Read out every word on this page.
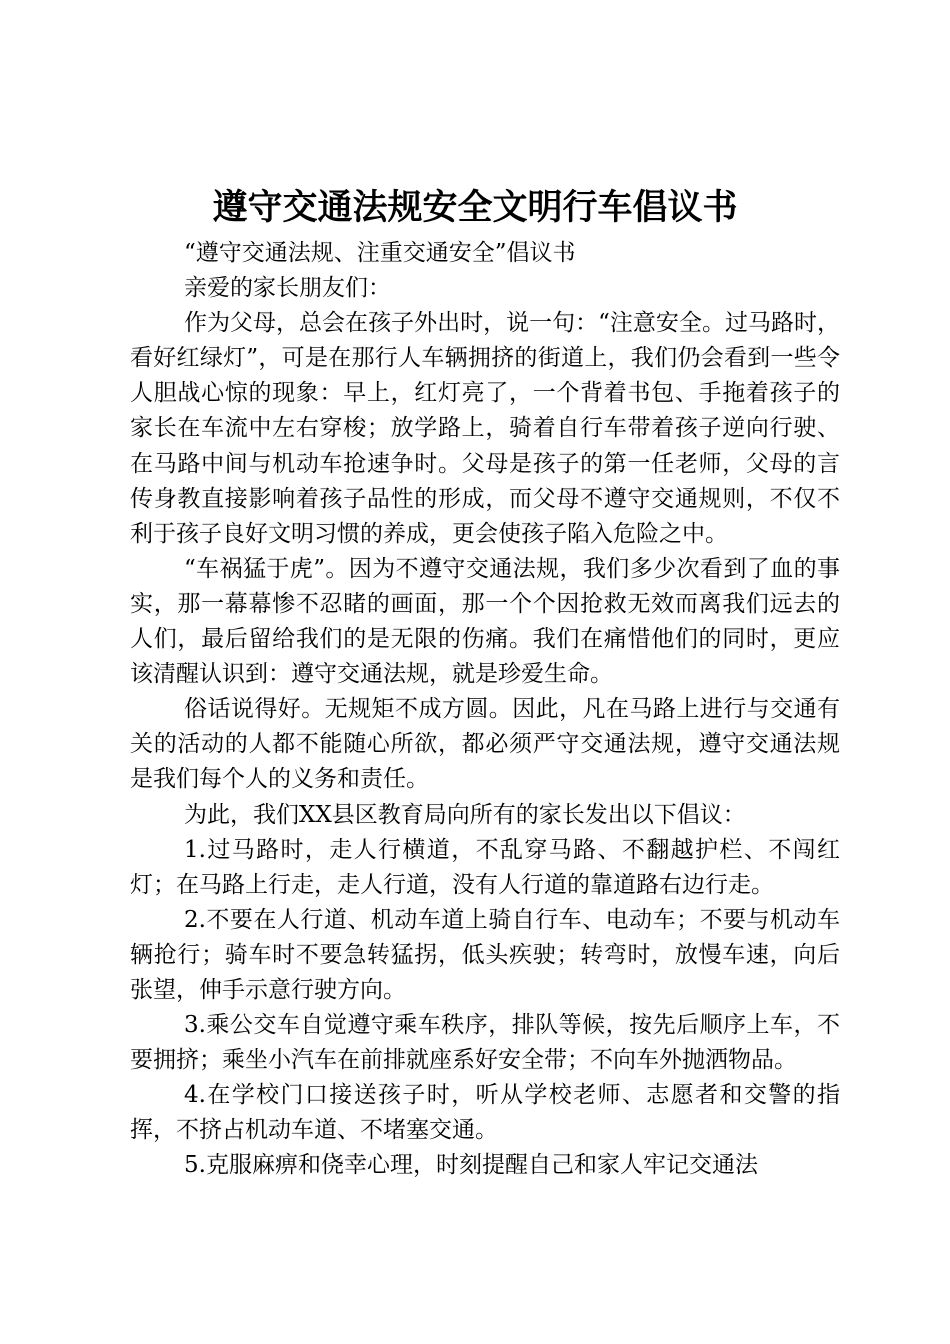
遵守交通法规安全文明行车倡议书

“遵守交通法规、注重交通安全”倡议书

亲爱的家长朋友们：

作为父母，总会在孩子外出时，说一句：“注意安全。过马路时，看好红绿灯”，可是在那行人车辆拥挤的街道上，我们仍会看到一些令人胆战心惊的现象：早上，红灯亮了，一个背着书包、手拖着孩子的家长在车流中左右穿梭；放学路上，骑着自行车带着孩子逆向行驶、在马路中间与机动车抢速争时。父母是孩子的第一任老师，父母的言传身教直接影响着孩子品性的形成，而父母不遵守交通规则，不仅不利于孩子良好文明习惯的养成，更会使孩子陷入危险之中。

“车祸猛于虎”。因为不遵守交通法规，我们多少次看到了血的事实，那一幕幕惨不忍睹的画面，那一个个因抢救无效而离我们远去的人们，最后留给我们的是无限的伤痛。我们在痛惜他们的同时，更应该清醒认识到：遵守交通法规，就是珍爱生命。

俗话说得好。无规矩不成方圆。因此，凡在马路上进行与交通有关的活动的人都不能随心所欲，都必须严守交通法规，遵守交通法规是我们每个人的义务和责任。

为此，我们XX县区教育局向所有的家长发出以下倡议：

1.过马路时，走人行横道，不乱穿马路、不翻越护栏、不闯红灯；在马路上行走，走人行道，没有人行道的靠道路右边行走。

2.不要在人行道、机动车道上骑自行车、电动车；不要与机动车辆抢行；骑车时不要急转猛拐，低头疾驶；转弯时，放慢车速，向后张望，伸手示意行驶方向。

3.乘公交车自觉遵守乘车秩序，排队等候，按先后顺序上车，不要拥挤；乘坐小汽车在前排就座系好安全带；不向车外抛洒物品。

4.在学校门口接送孩子时，听从学校老师、志愿者和交警的指挥，不挤占机动车道、不堵塞交通。

5.克服麻痹和侥幸心理，时刻提醒自己和家人牢记交通法
